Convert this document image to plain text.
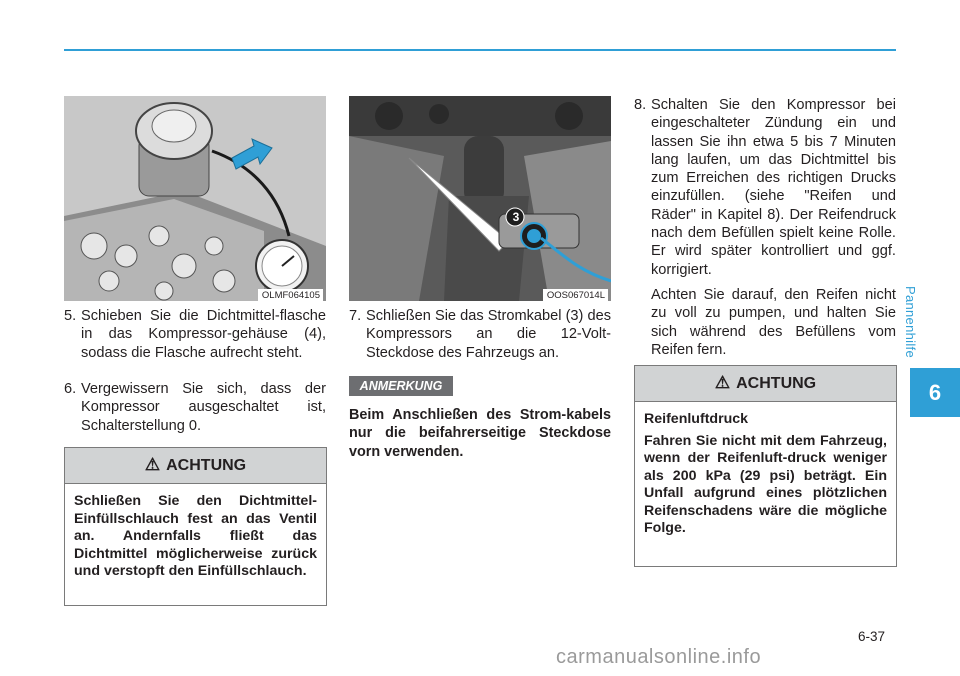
Pannenhilfe
6
OLMF064105
3
OOS067014L
5. Schieben Sie die Dichtmittel-flasche in das Kompressor-gehäuse (4), sodass die Flasche aufrecht steht.
6. Vergewissern Sie sich, dass der Kompressor ausgeschaltet ist, Schalterstellung 0.
⚠ ACHTUNG
Schließen Sie den Dichtmittel-Einfüllschlauch fest an das Ventil an. Andernfalls fließt das Dichtmittel möglicherweise zurück und verstopft den Einfüllschlauch.
7. Schließen Sie das Stromkabel (3) des Kompressors an die 12-Volt-Steckdose des Fahrzeugs an.
ANMERKUNG
Beim Anschließen des Strom-kabels nur die beifahrerseitige Steckdose vorn verwenden.
8. Schalten Sie den Kompressor bei eingeschalteter Zündung ein und lassen Sie ihn etwa 5 bis 7 Minuten lang laufen, um das Dichtmittel bis zum Erreichen des richtigen Drucks einzufüllen. (siehe "Reifen und Räder" in Kapitel 8). Der Reifendruck nach dem Befüllen spielt keine Rolle. Er wird später kontrolliert und ggf. korrigiert.
Achten Sie darauf, den Reifen nicht zu voll zu pumpen, und halten Sie sich während des Befüllens vom Reifen fern.
⚠ ACHTUNG
Reifenluftdruck
Fahren Sie nicht mit dem Fahrzeug, wenn der Reifenluft-druck weniger als 200 kPa (29 psi) beträgt. Ein Unfall aufgrund eines plötzlichen Reifenschadens wäre die mögliche Folge.
6-37
carmanualsonline.info
